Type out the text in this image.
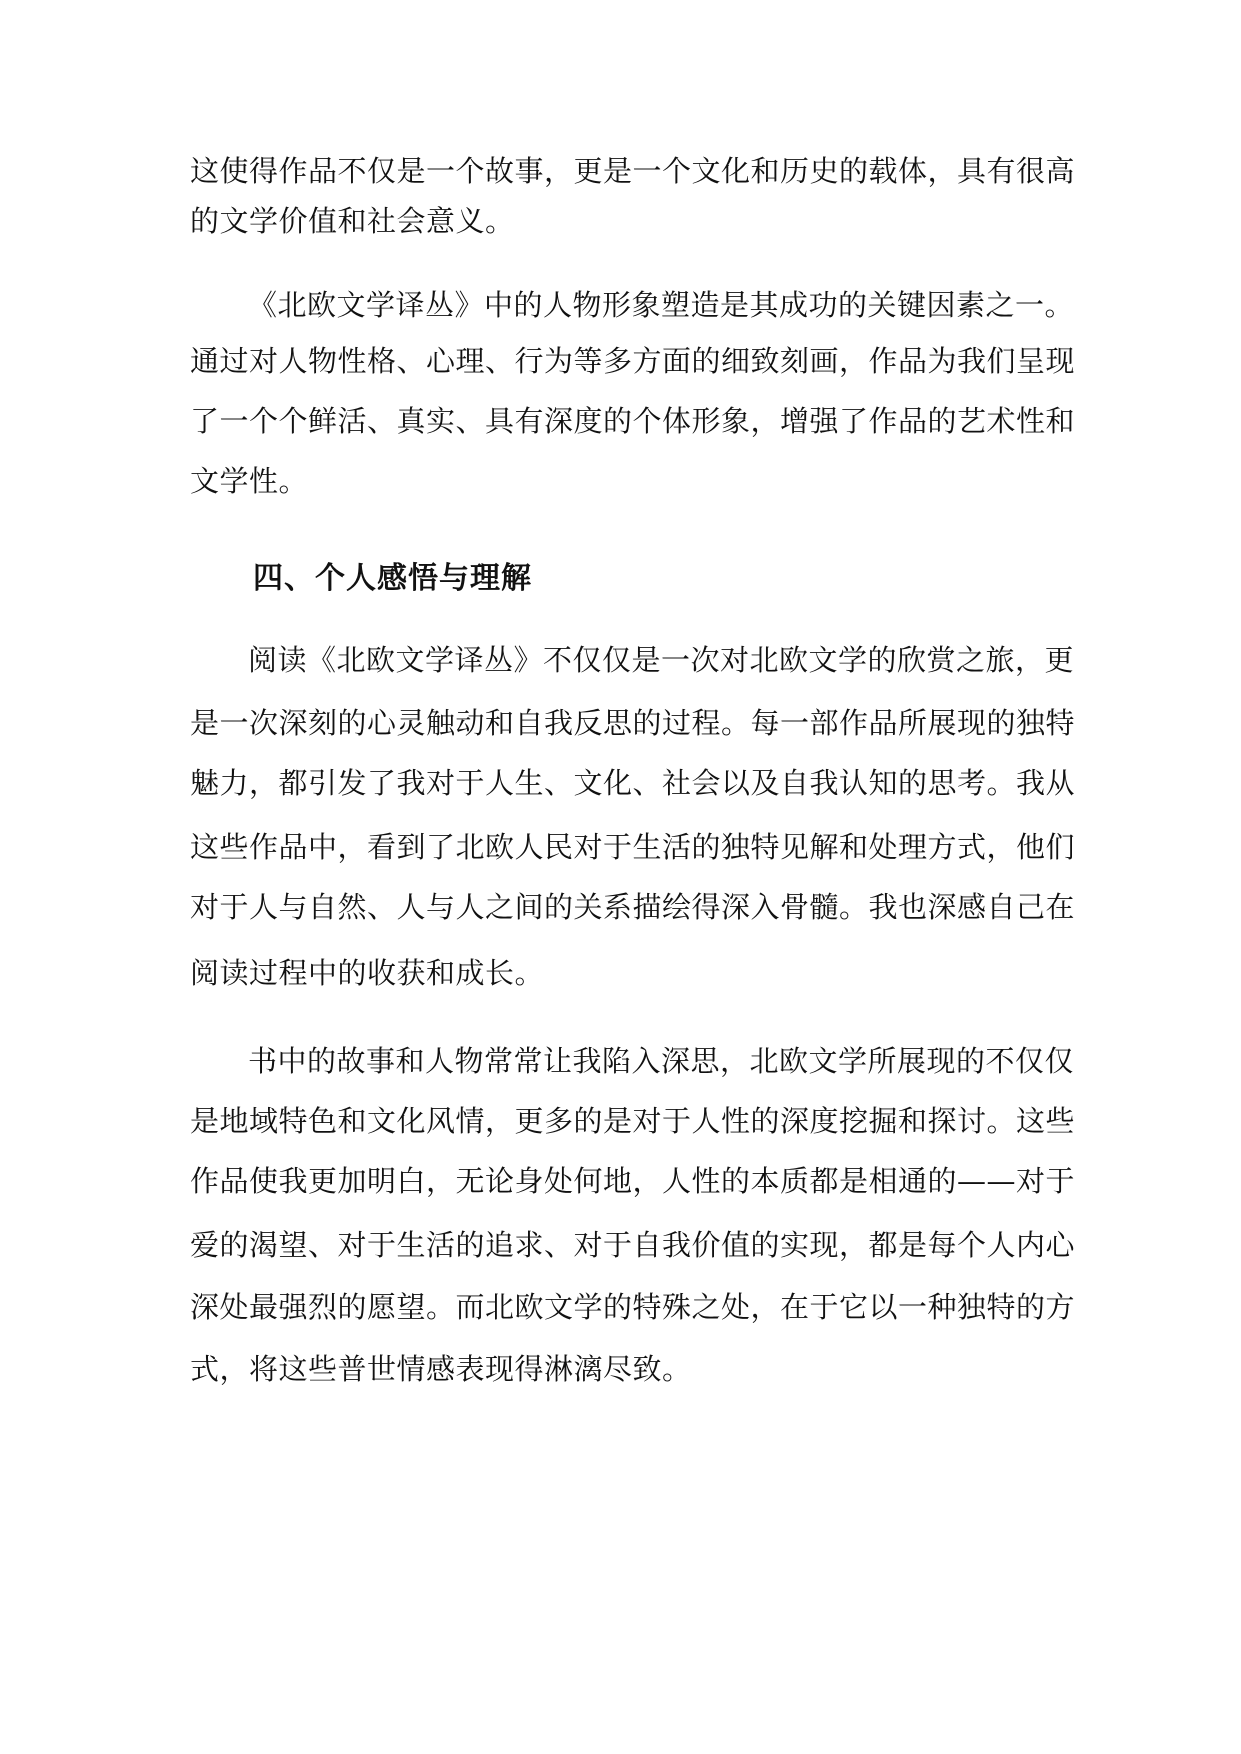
这使得作品不仅是一个故事，更是一个文化和历史的载体，具有很高
的文学价值和社会意义。
《北欧文学译丛》中的人物形象塑造是其成功的关键因素之一。
通过对人物性格、心理、行为等多方面的细致刻画，作品为我们呈现
了一个个鲜活、真实、具有深度的个体形象，增强了作品的艺术性和
文学性。
四、个人感悟与理解
阅读《北欧文学译丛》不仅仅是一次对北欧文学的欣赏之旅，更
是一次深刻的心灵触动和自我反思的过程。每一部作品所展现的独特
魅力，都引发了我对于人生、文化、社会以及自我认知的思考。我从
这些作品中，看到了北欧人民对于生活的独特见解和处理方式，他们
对于人与自然、人与人之间的关系描绘得深入骨髓。我也深感自己在
阅读过程中的收获和成长。
书中的故事和人物常常让我陷入深思，北欧文学所展现的不仅仅
是地域特色和文化风情，更多的是对于人性的深度挖掘和探讨。这些
作品使我更加明白，无论身处何地，人性的本质都是相通的——对于
爱的渴望、对于生活的追求、对于自我价值的实现，都是每个人内心
深处最强烈的愿望。而北欧文学的特殊之处，在于它以一种独特的方
式，将这些普世情感表现得淋漓尽致。
